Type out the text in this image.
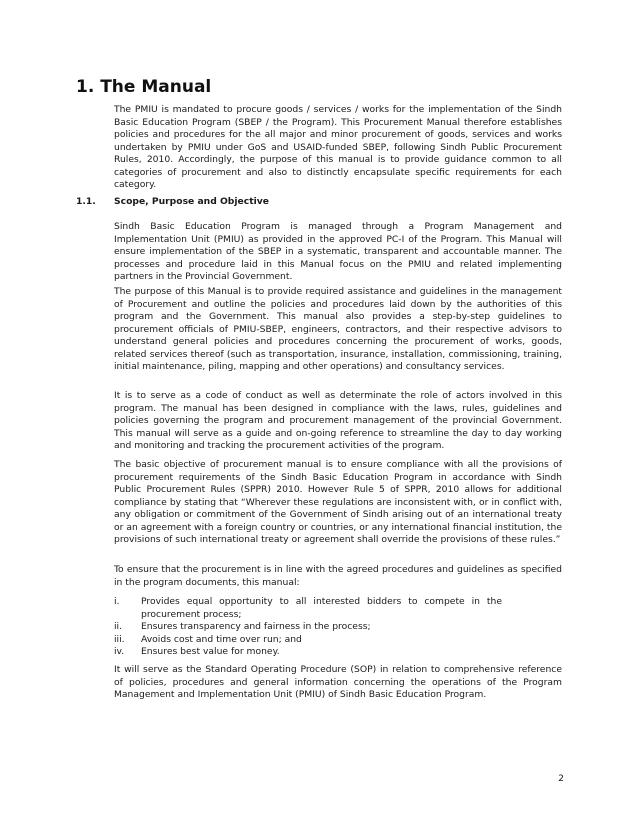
1. The Manual

The PMIU is mandated to procure goods / services / works for the implementation of the Sindh Basic Education Program (SBEP / the Program). This Procurement Manual therefore establishes policies and procedures for the all major and minor procurement of goods, services and works undertaken by PMIU under GoS and USAID-funded SBEP, following Sindh Public Procurement Rules, 2010. Accordingly, the purpose of this manual is to provide guidance common to all categories of procurement and also to distinctly encapsulate specific requirements for each category.

1.1. Scope, Purpose and Objective

Sindh Basic Education Program is managed through a Program Management and Implementation Unit (PMIU) as provided in the approved PC-I of the Program. This Manual will ensure implementation of the SBEP in a systematic, transparent and accountable manner. The processes and procedure laid in this Manual focus on the PMIU and related implementing partners in the Provincial Government.

The purpose of this Manual is to provide required assistance and guidelines in the management of Procurement and outline the policies and procedures laid down by the authorities of this program and the Government. This manual also provides a step-by-step guidelines to procurement officials of PMIU-SBEP, engineers, contractors, and their respective advisors to understand general policies and procedures concerning the procurement of works, goods, related services thereof (such as transportation, insurance, installation, commissioning, training, initial maintenance, piling, mapping and other operations) and consultancy services.

It is to serve as a code of conduct as well as determinate the role of actors involved in this program. The manual has been designed in compliance with the laws, rules, guidelines and policies governing the program and procurement management of the provincial Government. This manual will serve as a guide and on-going reference to streamline the day to day working and monitoring and tracking the procurement activities of the program.

The basic objective of procurement manual is to ensure compliance with all the provisions of procurement requirements of the Sindh Basic Education Program in accordance with Sindh Public Procurement Rules (SPPR) 2010. However Rule 5 of SPPR, 2010 allows for additional compliance by stating that “Wherever these regulations are inconsistent with, or in conflict with, any obligation or commitment of the Government of Sindh arising out of an international treaty or an agreement with a foreign country or countries, or any international financial institution, the provisions of such international treaty or agreement shall override the provisions of these rules.”

To ensure that the procurement is in line with the agreed procedures and guidelines as specified in the program documents, this manual:

i.	Provides equal opportunity to all interested bidders to compete in the procurement process;
ii.	Ensures transparency and fairness in the process;
iii.	Avoids cost and time over run; and
iv.	Ensures best value for money.

It will serve as the Standard Operating Procedure (SOP) in relation to comprehensive reference of policies, procedures and general information concerning the operations of the Program Management and Implementation Unit (PMIU) of Sindh Basic Education Program.

2
